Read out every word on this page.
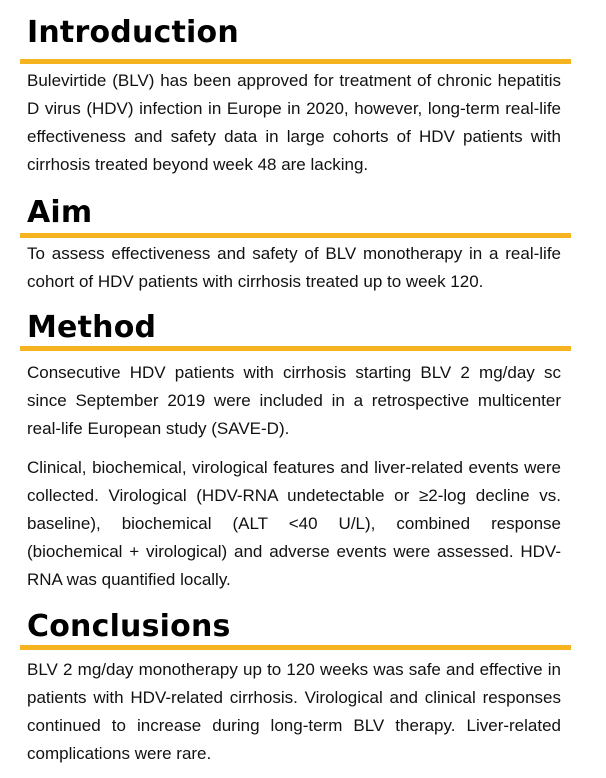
Introduction

Bulevirtide (BLV) has been approved for treatment of chronic hepatitis D virus (HDV) infection in Europe in 2020, however, long-term real-life effectiveness and safety data in large cohorts of HDV patients with cirrhosis treated beyond week 48 are lacking.

Aim

To assess effectiveness and safety of BLV monotherapy in a real-life cohort of HDV patients with cirrhosis treated up to week 120.

Method

Consecutive HDV patients with cirrhosis starting BLV 2 mg/day sc since September 2019 were included in a retrospective multicenter real-life European study (SAVE-D).

Clinical, biochemical, virological features and liver-related events were collected. Virological (HDV-RNA undetectable or ≥2-log decline vs. baseline), biochemical (ALT <40 U/L), combined response (biochemical + virological) and adverse events were assessed. HDV-RNA was quantified locally.

Conclusions

BLV 2 mg/day monotherapy up to 120 weeks was safe and effective in patients with HDV-related cirrhosis. Virological and clinical responses continued to increase during long-term BLV therapy. Liver-related complications were rare.
